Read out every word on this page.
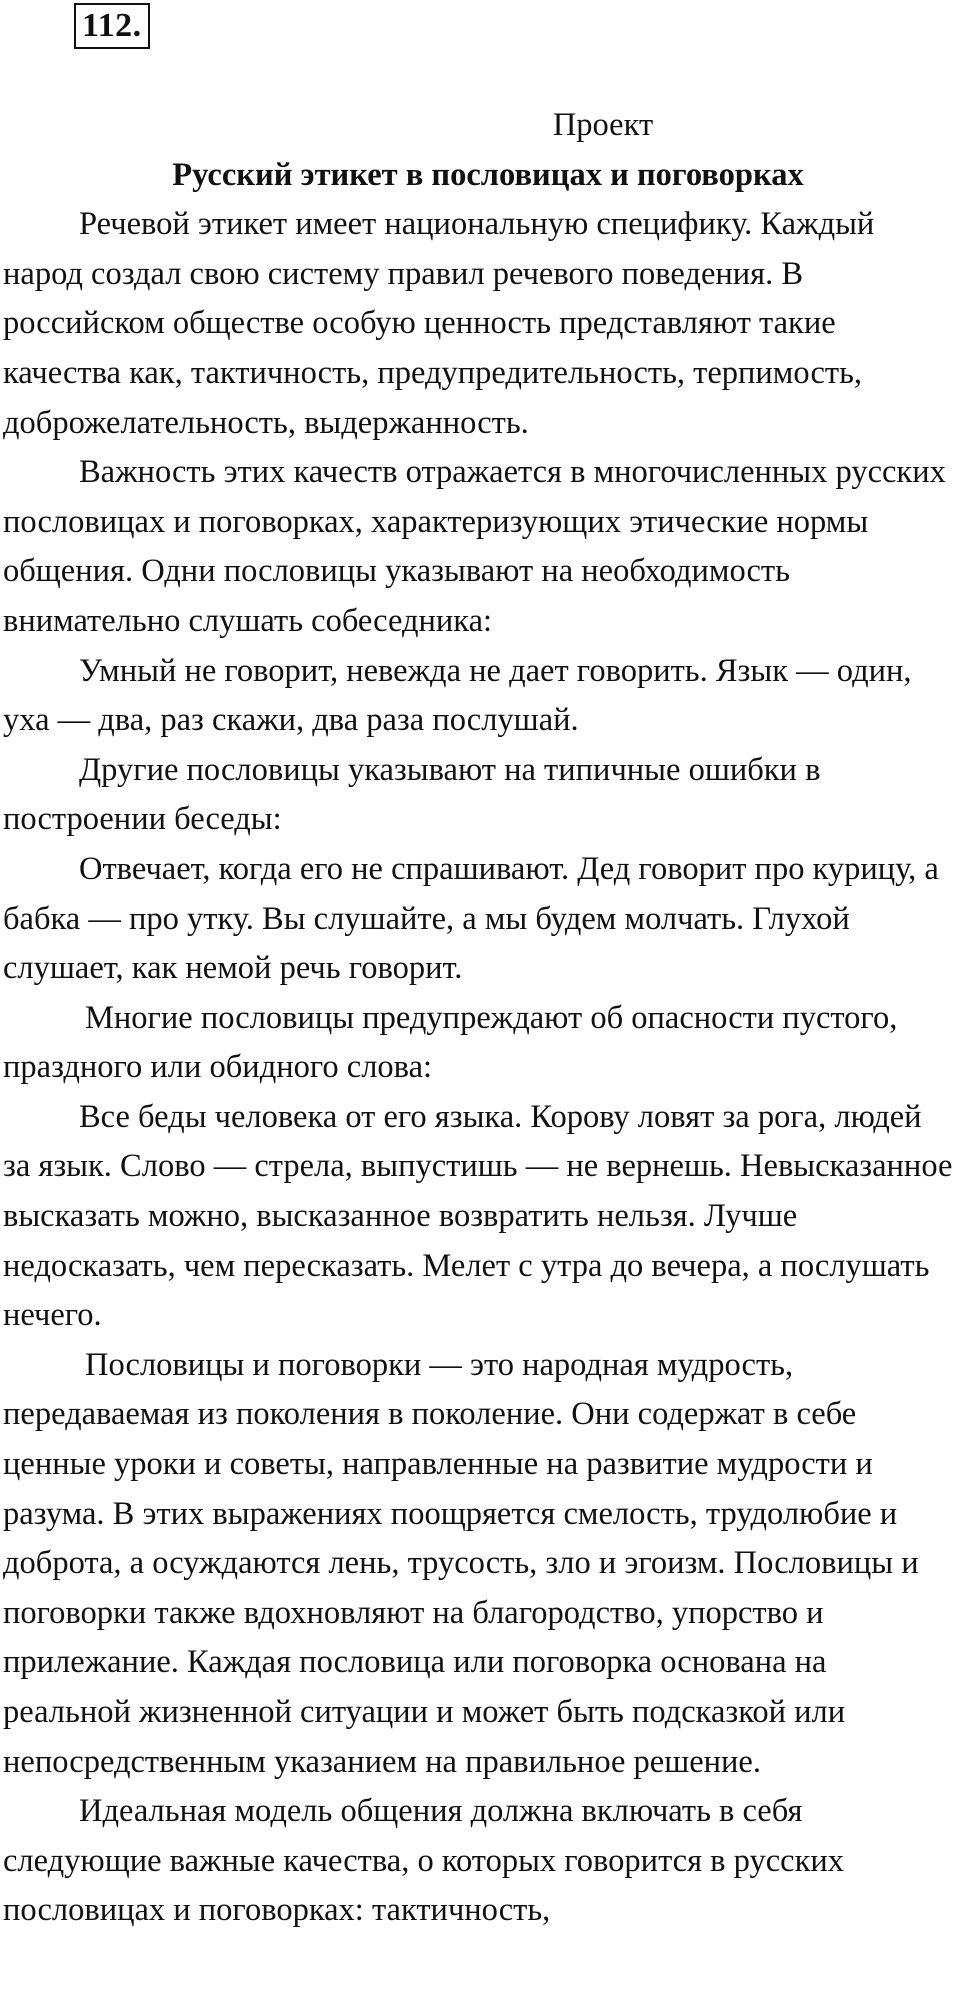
112.
Проект
Русский этикет в пословицах и поговорках

Речевой этикет имеет национальную специфику. Каждый народ создал свою систему правил речевого поведения. В российском обществе особую ценность представляют такие качества как, тактичность, предупредительность, терпимость, доброжелательность, выдержанность.

Важность этих качеств отражается в многочисленных русских пословицах и поговорках, характеризующих этические нормы общения. Одни пословицы указывают на необходимость внимательно слушать собеседника:

Умный не говорит, невежда не дает говорить. Язык — один, уха — два, раз скажи, два раза послушай.

Другие пословицы указывают на типичные ошибки в построении беседы:

Отвечает, когда его не спрашивают. Дед говорит про курицу, а бабка — про утку. Вы слушайте, а мы будем молчать. Глухой слушает, как немой речь говорит.

Многие пословицы предупреждают об опасности пустого, праздного или обидного слова:

Все беды человека от его языка. Корову ловят за рога, людей за язык. Слово — стрела, выпустишь — не вернешь. Невысказанное высказать можно, высказанное возвратить нельзя. Лучше недосказать, чем пересказать. Мелет с утра до вечера, а послушать нечего.

Пословицы и поговорки — это народная мудрость, передаваемая из поколения в поколение. Они содержат в себе ценные уроки и советы, направленные на развитие мудрости и разума. В этих выражениях поощряется смелость, трудолюбие и доброта, а осуждаются лень, трусость, зло и эгоизм. Пословицы и поговорки также вдохновляют на благородство, упорство и прилежание. Каждая пословица или поговорка основана на реальной жизненной ситуации и может быть подсказкой или непосредственным указанием на правильное решение.

Идеальная модель общения должна включать в себя следующие важные качества, о которых говорится в русских пословицах и поговорках: тактичность,
